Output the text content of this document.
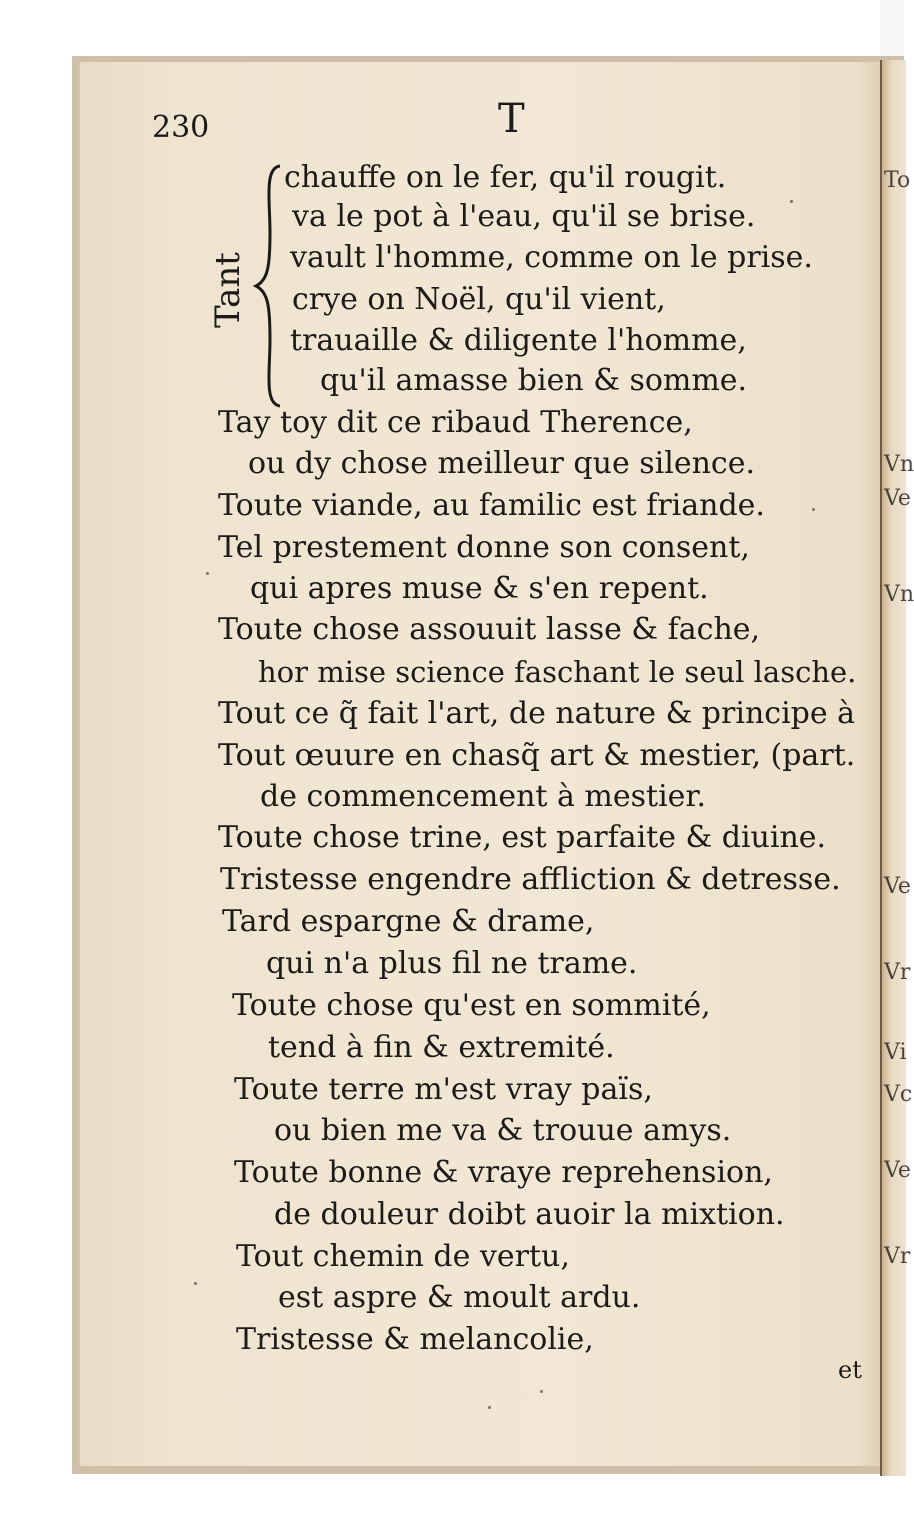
To
Vn
Ve
Vn
Ve
Vr
Vi
Vc
Ve
Vr
230	T
Tant
chauffe on le fer, qu'il rougit.
va le pot à l'eau, qu'il se brise.
vault l'homme, comme on le prise.
crye on Noël, qu'il vient,
trauaille & diligente l'homme,
qu'il amasse bien & somme.
Tay toy dit ce ribaud Therence,
ou dy chose meilleur que silence.
Toute viande, au familic est friande.
Tel prestement donne son consent,
qui apres muse & s'en repent.
Toute chose assouuit lasse & fache,
hor mise science faschant le seul lasche.
Tout ce q̃ fait l'art, de nature & principe à
Tout œuure en chasq̃ art & mestier, (part.
de commencement à mestier.
Toute chose trine, est parfaite & diuine.
Tristesse engendre affliction & detresse.
Tard espargne & drame,
qui n'a plus fil ne trame.
Toute chose qu'est en sommité,
tend à fin & extremité.
Toute terre m'est vray païs,
ou bien me va & trouue amys.
Toute bonne & vraye reprehension,
de douleur doibt auoir la mixtion.
Tout chemin de vertu,
est aspre & moult ardu.
Tristesse & melancolie,
et
